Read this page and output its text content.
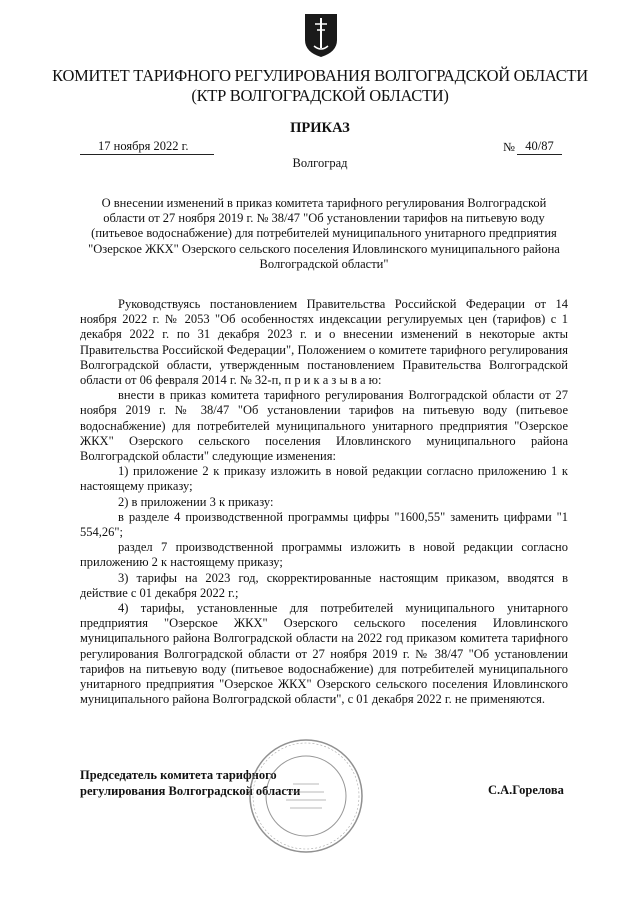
КОМИТЕТ ТАРИФНОГО РЕГУЛИРОВАНИЯ ВОЛГОГРАДСКОЙ ОБЛАСТИ
(КТР ВОЛГОГРАДСКОЙ ОБЛАСТИ)
ПРИКАЗ
17 ноября 2022 г.	№ 40/87
Волгоград
О внесении изменений в приказ комитета тарифного регулирования Волгоградской области от 27 ноября 2019 г. № 38/47 "Об установлении тарифов на питьевую воду (питьевое водоснабжение) для потребителей муниципального унитарного предприятия "Озерское ЖКХ" Озерского сельского поселения Иловлинского муниципального района Волгоградской области"

Руководствуясь постановлением Правительства Российской Федерации от 14 ноября 2022 г. № 2053 "Об особенностях индексации регулируемых цен (тарифов) с 1 декабря 2022 г. по 31 декабря 2023 г. и о внесении изменений в некоторые акты Правительства Российской Федерации", Положением о комитете тарифного регулирования Волгоградской области, утвержденным постановлением Правительства Волгоградской области от 06 февраля 2014 г. № 32-п, п р и к а з ы в а ю:

внести в приказ комитета тарифного регулирования Волгоградской области от 27 ноября 2019 г. № 38/47 "Об установлении тарифов на питьевую воду (питьевое водоснабжение) для потребителей муниципального унитарного предприятия "Озерское ЖКХ" Озерского сельского поселения Иловлинского муниципального района Волгоградской области" следующие изменения:

1) приложение 2 к приказу изложить в новой редакции согласно приложению 1 к настоящему приказу;

2) в приложении 3 к приказу:

в разделе 4 производственной программы цифры "1600,55" заменить цифрами "1 554,26";

раздел 7 производственной программы изложить в новой редакции согласно приложению 2 к настоящему приказу;

3) тарифы на 2023 год, скорректированные настоящим приказом, вводятся в действие с 01 декабря 2022 г.;

4) тарифы, установленные для потребителей муниципального унитарного предприятия "Озерское ЖКХ" Озерского сельского поселения Иловлинского муниципального района Волгоградской области на 2022 год приказом комитета тарифного регулирования Волгоградской области от 27 ноября 2019 г. № 38/47 "Об установлении тарифов на питьевую воду (питьевое водоснабжение) для потребителей муниципального унитарного предприятия "Озерское ЖКХ" Озерского сельского поселения Иловлинского муниципального района Волгоградской области", с 01 декабря 2022 г. не применяются.

Председатель комитета тарифного
регулирования Волгоградской области	С.А.Горелова
